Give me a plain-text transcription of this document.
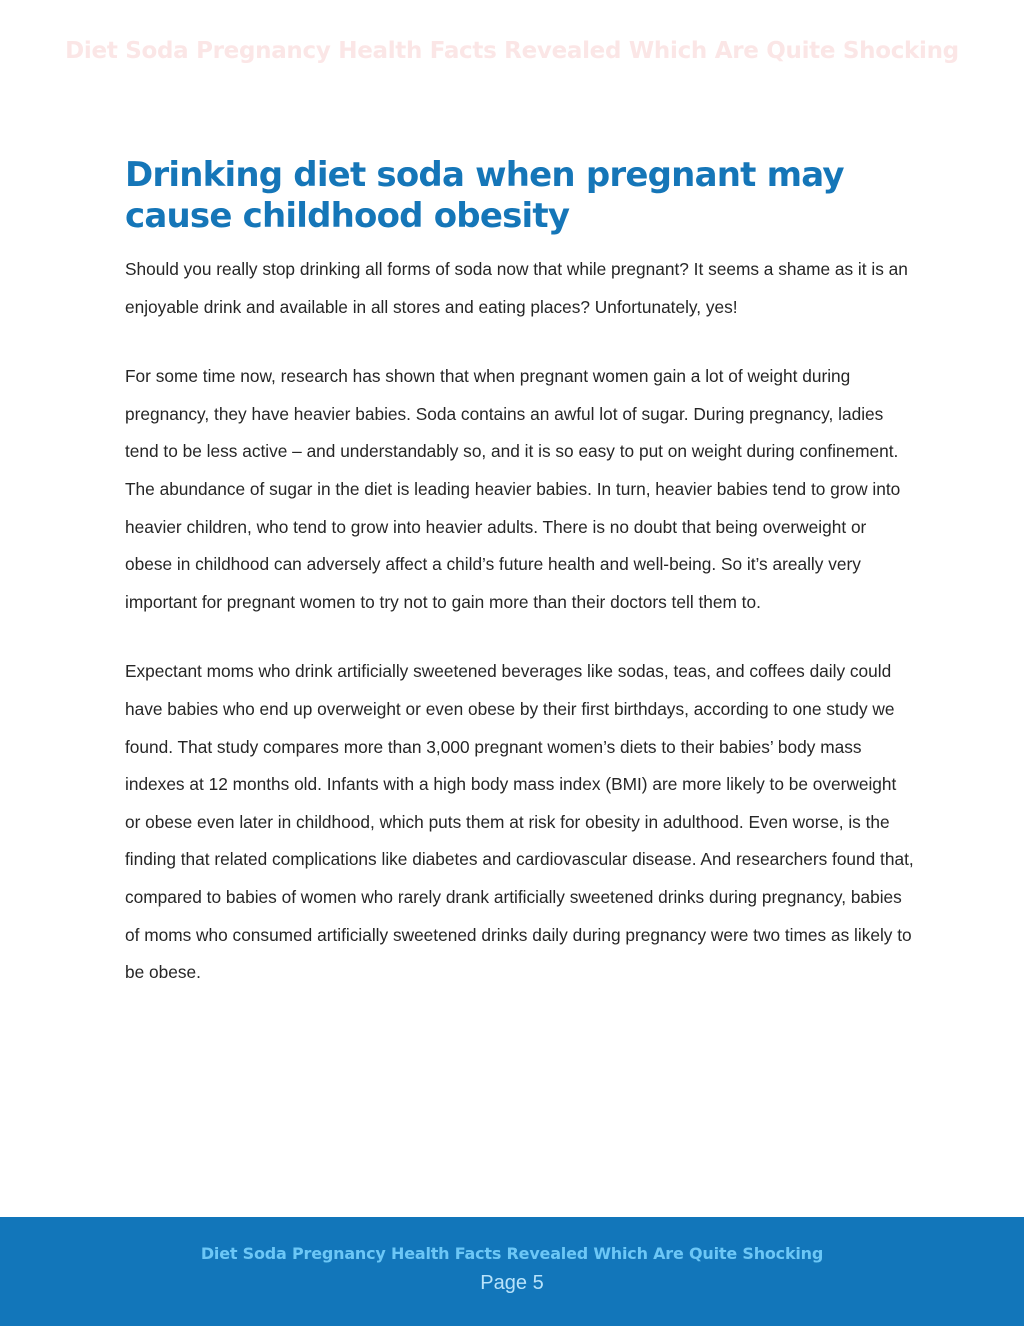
Diet Soda Pregnancy Health Facts Revealed Which Are Quite Shocking
Drinking diet soda when pregnant may cause childhood obesity

Should you really stop drinking all forms of soda now that while pregnant? It seems a shame as it is an enjoyable drink and available in all stores and eating places? Unfortunately, yes!

For some time now, research has shown that when pregnant women gain a lot of weight during pregnancy, they have heavier babies. Soda contains an awful lot of sugar. During pregnancy, ladies tend to be less active – and understandably so, and it is so easy to put on weight during confinement. The abundance of sugar in the diet is leading heavier babies. In turn, heavier babies tend to grow into heavier children, who tend to grow into heavier adults. There is no doubt that being overweight or obese in childhood can adversely affect a child’s future health and well-being. So it’s areally very important for pregnant women to try not to gain more than their doctors tell them to.

Expectant moms who drink artificially sweetened beverages like sodas, teas, and coffees daily could have babies who end up overweight or even obese by their first birthdays, according to one study we found. That study compares more than 3,000 pregnant women’s diets to their babies’ body mass indexes at 12 months old. Infants with a high body mass index (BMI) are more likely to be overweight or obese even later in childhood, which puts them at risk for obesity in adulthood. Even worse, is the finding that related complications like diabetes and cardiovascular disease. And researchers found that, compared to babies of women who rarely drank artificially sweetened drinks during pregnancy, babies of moms who consumed artificially sweetened drinks daily during pregnancy were two times as likely to be obese.

Diet Soda Pregnancy Health Facts Revealed Which Are Quite Shocking
Page 5
